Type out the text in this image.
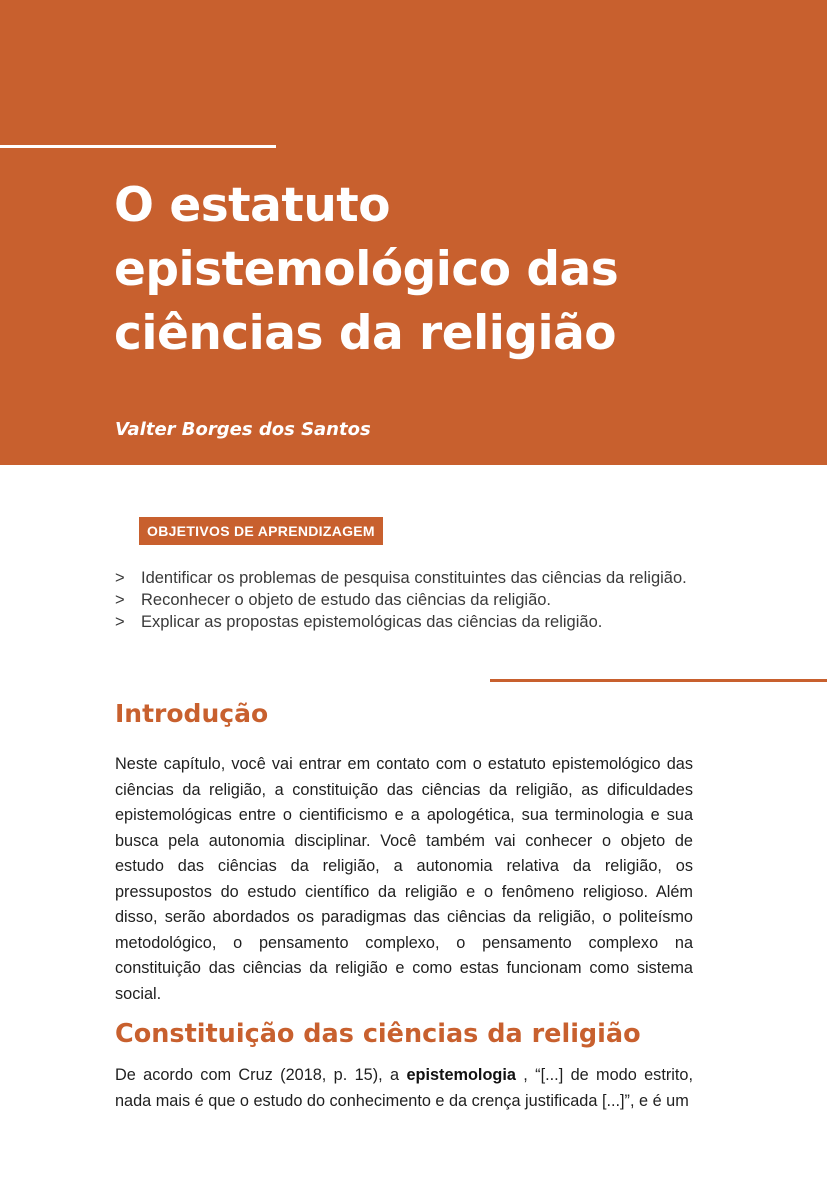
O estatuto
epistemológico das
ciências da religião
Valter Borges dos Santos
OBJETIVOS DE APRENDIZAGEM
> Identificar os problemas de pesquisa constituintes das ciências da religião.
> Reconhecer o objeto de estudo das ciências da religião.
> Explicar as propostas epistemológicas das ciências da religião.
Introdução

Neste capítulo, você vai entrar em contato com o estatuto epistemológico das ciências da religião, a constituição das ciências da religião, as dificuldades epistemológicas entre o cientificismo e a apologética, sua terminologia e sua busca pela autonomia disciplinar. Você também vai conhecer o objeto de estudo das ciências da religião, a autonomia relativa da religião, os pressupostos do estudo científico da religião e o fenômeno religioso. Além disso, serão abordados os paradigmas das ciências da religião, o politeísmo metodológico, o pensamento complexo, o pensamento complexo na constituição das ciências da religião e como estas funcionam como sistema social.

Constituição das ciências da religião

De acordo com Cruz (2018, p. 15), a epistemologia , “[...] de modo estrito, nada mais é que o estudo do conhecimento e da crença justificada [...]”, e é um
